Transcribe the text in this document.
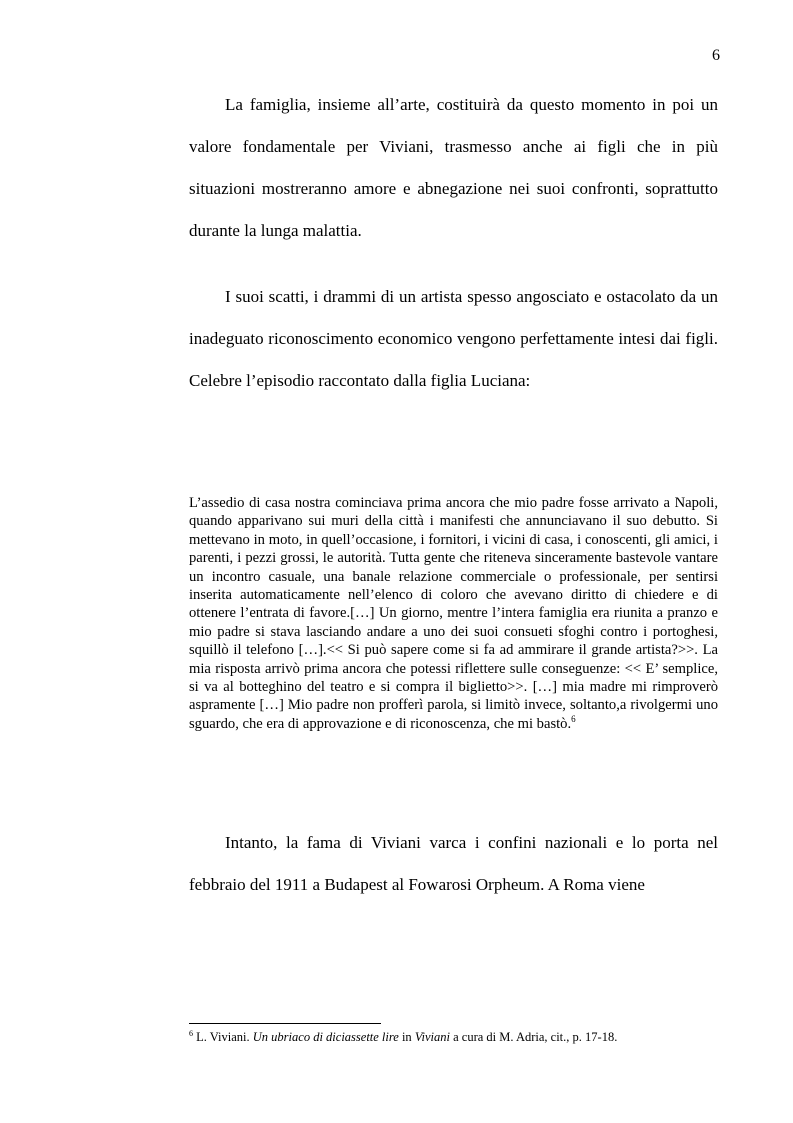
6

La famiglia, insieme all’arte, costituirà da questo momento in poi un valore fondamentale per Viviani, trasmesso anche ai figli che in più situazioni mostreranno amore e abnegazione nei suoi confronti, soprattutto durante la lunga malattia.

I suoi scatti, i drammi di un artista spesso angosciato e ostacolato da un inadeguato riconoscimento economico vengono perfettamente intesi dai figli. Celebre l’episodio raccontato dalla figlia Luciana:

L’assedio di casa nostra cominciava prima ancora che mio padre fosse arrivato a Napoli, quando apparivano sui muri della città i manifesti che annunciavano il suo debutto. Si mettevano in moto, in quell’occasione, i fornitori, i vicini di casa, i conoscenti, gli amici, i parenti, i pezzi grossi, le autorità. Tutta gente che riteneva sinceramente bastevole vantare un incontro casuale, una banale relazione commerciale o professionale, per sentirsi inserita automaticamente nell’elenco di coloro che avevano diritto di chiedere e di ottenere l’entrata di favore.[…] Un giorno, mentre l’intera famiglia era riunita a pranzo e mio padre si stava lasciando andare a uno dei suoi consueti sfoghi contro i portoghesi, squillò il telefono […].<< Si può sapere come si fa ad ammirare il grande artista?>>. La mia risposta arrivò prima ancora che potessi riflettere sulle conseguenze: << E’ semplice, si va al botteghino del teatro e si compra il biglietto>>. […] mia madre mi rimproverò aspramente […] Mio padre non profferì parola, si limitò invece, soltanto,a rivolgermi uno sguardo, che era di approvazione e di riconoscenza, che mi bastò.$^6$

Intanto, la fama di Viviani varca i confini nazionali e lo porta nel febbraio del 1911 a Budapest al Fowarosi Orpheum. A Roma viene

$^6$ L. Viviani. Un ubriaco di diciassette lire in Viviani a cura di M. Adria, cit., p. 17-18.
